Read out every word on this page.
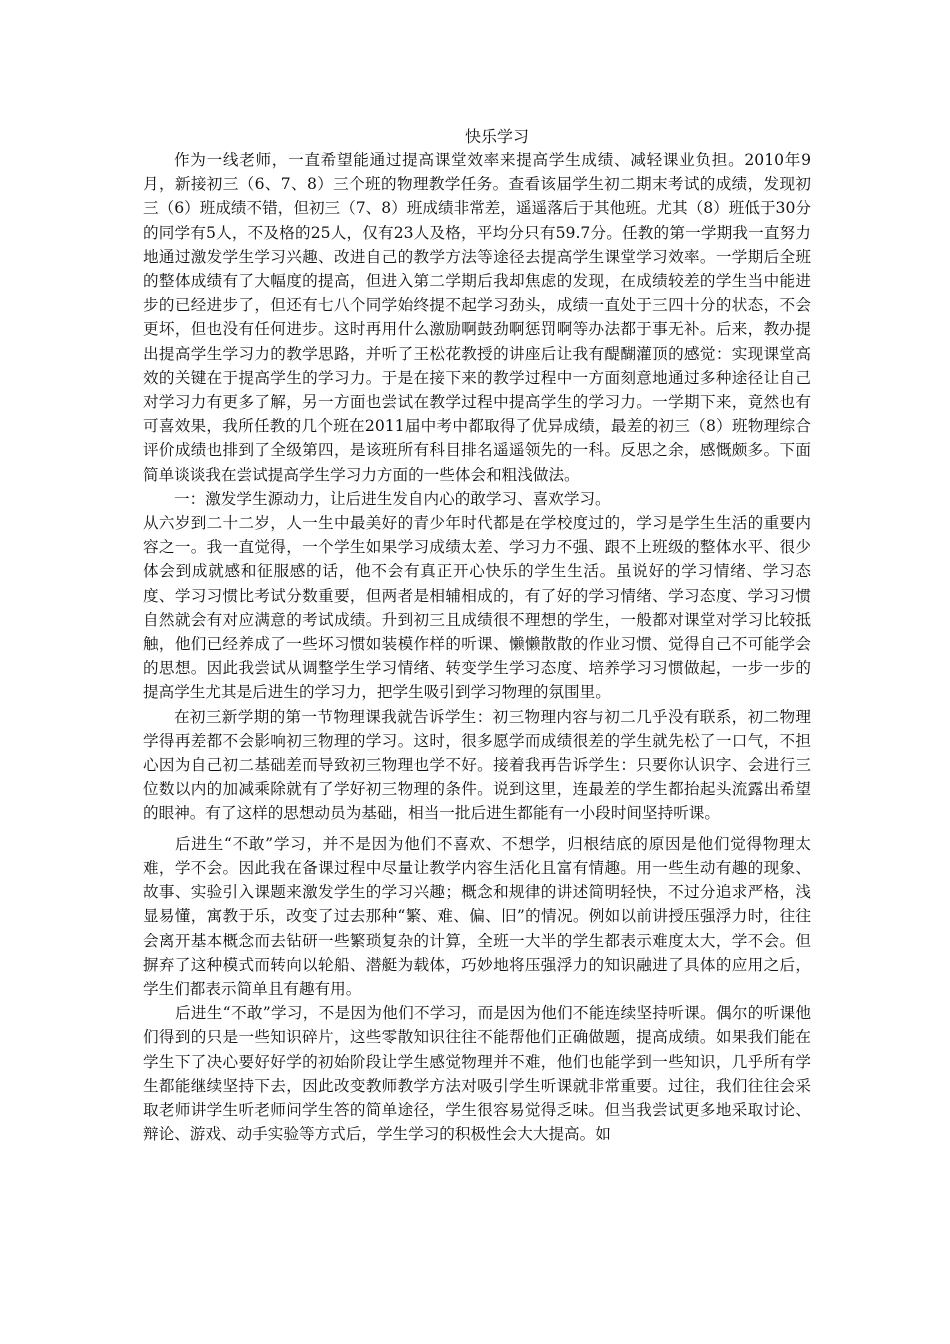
快乐学习

作为一线老师，一直希望能通过提高课堂效率来提高学生成绩、减轻课业负担。2010年9月，新接初三（6、7、8）三个班的物理教学任务。查看该届学生初二期末考试的成绩，发现初三（6）班成绩不错，但初三（7、8）班成绩非常差，遥遥落后于其他班。尤其（8）班低于30分的同学有5人，不及格的25人，仅有23人及格，平均分只有59.7分。任教的第一学期我一直努力地通过激发学生学习兴趣、改进自己的教学方法等途径去提高学生课堂学习效率。一学期后全班的整体成绩有了大幅度的提高，但进入第二学期后我却焦虑的发现，在成绩较差的学生当中能进步的已经进步了，但还有七八个同学始终提不起学习劲头，成绩一直处于三四十分的状态，不会更坏，但也没有任何进步。这时再用什么激励啊鼓劲啊惩罚啊等办法都于事无补。后来，教办提出提高学生学习力的教学思路，并听了王松花教授的讲座后让我有醍醐灌顶的感觉：实现课堂高效的关键在于提高学生的学习力。于是在接下来的教学过程中一方面刻意地通过多种途径让自己对学习力有更多了解，另一方面也尝试在教学过程中提高学生的学习力。一学期下来，竟然也有可喜效果，我所任教的几个班在2011届中考中都取得了优异成绩，最差的初三（8）班物理综合评价成绩也排到了全级第四，是该班所有科目排名遥遥领先的一科。反思之余，感慨颇多。下面简单谈谈我在尝试提高学生学习力方面的一些体会和粗浅做法。

一：激发学生源动力，让后进生发自内心的敢学习、喜欢学习。

从六岁到二十二岁，人一生中最美好的青少年时代都是在学校度过的，学习是学生生活的重要内容之一。我一直觉得，一个学生如果学习成绩太差、学习力不强、跟不上班级的整体水平、很少体会到成就感和征服感的话，他不会有真正开心快乐的学生生活。虽说好的学习情绪、学习态度、学习习惯比考试分数重要，但两者是相辅相成的，有了好的学习情绪、学习态度、学习习惯自然就会有对应满意的考试成绩。升到初三且成绩很不理想的学生，一般都对课堂对学习比较抵触，他们已经养成了一些坏习惯如装模作样的听课、懒懒散散的作业习惯、觉得自己不可能学会的思想。因此我尝试从调整学生学习情绪、转变学生学习态度、培养学习习惯做起，一步一步的提高学生尤其是后进生的学习力，把学生吸引到学习物理的氛围里。

在初三新学期的第一节物理课我就告诉学生：初三物理内容与初二几乎没有联系，初二物理学得再差都不会影响初三物理的学习。这时，很多愿学而成绩很差的学生就先松了一口气，不担心因为自己初二基础差而导致初三物理也学不好。接着我再告诉学生：只要你认识字、会进行三位数以内的加减乘除就有了学好初三物理的条件。说到这里，连最差的学生都抬起头流露出希望的眼神。有了这样的思想动员为基础，相当一批后进生都能有一小段时间坚持听课。

后进生“不敢”学习，并不是因为他们不喜欢、不想学，归根结底的原因是他们觉得物理太难，学不会。因此我在备课过程中尽量让教学内容生活化且富有情趣。用一些生动有趣的现象、故事、实验引入课题来激发学生的学习兴趣；概念和规律的讲述简明轻快，不过分追求严格，浅显易懂，寓教于乐，改变了过去那种“繁、难、偏、旧”的情况。例如以前讲授压强浮力时，往往会离开基本概念而去钻研一些繁琐复杂的计算，全班一大半的学生都表示难度太大，学不会。但摒弃了这种模式而转向以轮船、潜艇为载体，巧妙地将压强浮力的知识融进了具体的应用之后，学生们都表示简单且有趣有用。

后进生“不敢”学习，不是因为他们不学习，而是因为他们不能连续坚持听课。偶尔的听课他们得到的只是一些知识碎片，这些零散知识往往不能帮他们正确做题，提高成绩。如果我们能在学生下了决心要好好学的初始阶段让学生感觉物理并不难，他们也能学到一些知识，几乎所有学生都能继续坚持下去，因此改变教师教学方法对吸引学生听课就非常重要。过往，我们往往会采取老师讲学生听老师问学生答的简单途径，学生很容易觉得乏味。但当我尝试更多地采取讨论、辩论、游戏、动手实验等方式后，学生学习的积极性会大大提高。如
